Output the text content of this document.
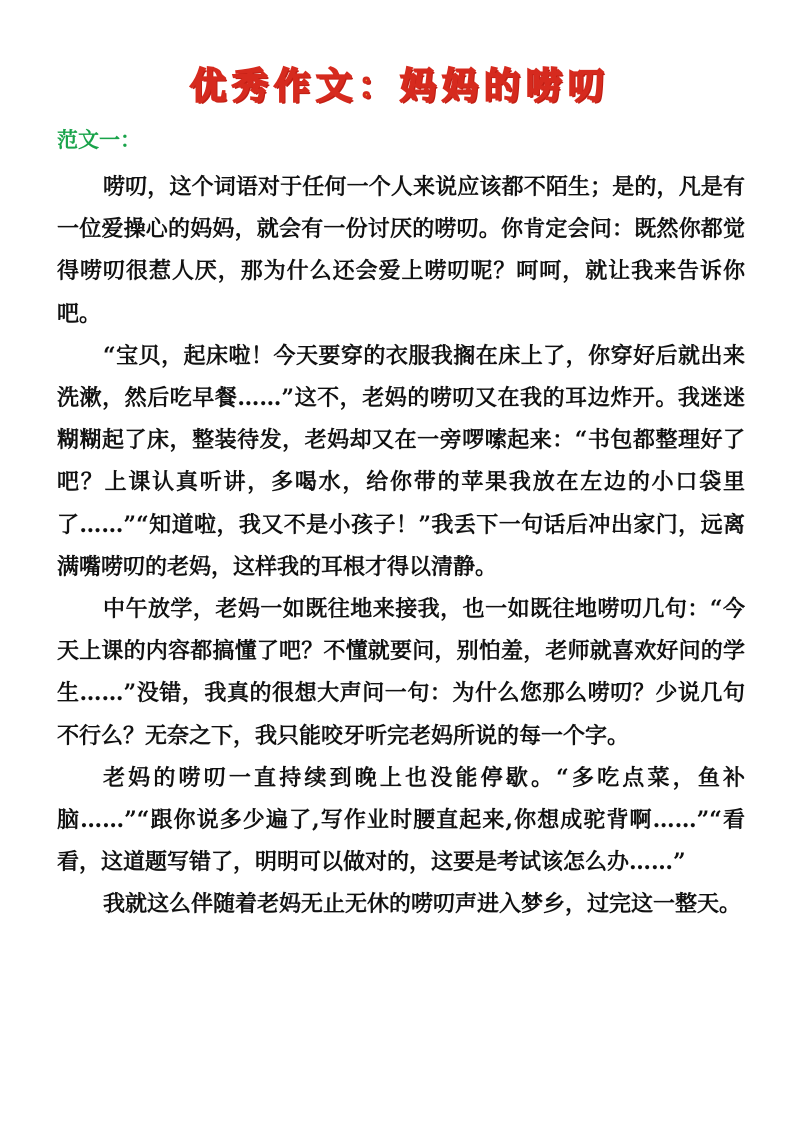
优秀作文：妈妈的唠叨
范文一：

唠叨，这个词语对于任何一个人来说应该都不陌生；是的，凡是有一位爱操心的妈妈，就会有一份讨厌的唠叨。你肯定会问：既然你都觉得唠叨很惹人厌，那为什么还会爱上唠叨呢？呵呵，就让我来告诉你吧。

“宝贝，起床啦！今天要穿的衣服我搁在床上了，你穿好后就出来洗漱，然后吃早餐……”这不，老妈的唠叨又在我的耳边炸开。我迷迷糊糊起了床，整装待发，老妈却又在一旁啰嗦起来：“书包都整理好了吧？上课认真听讲，多喝水，给你带的苹果我放在左边的小口袋里了……”“知道啦，我又不是小孩子！”我丢下一句话后冲出家门，远离满嘴唠叨的老妈，这样我的耳根才得以清静。

中午放学，老妈一如既往地来接我，也一如既往地唠叨几句：“今天上课的内容都搞懂了吧？不懂就要问，别怕羞，老师就喜欢好问的学生……”没错，我真的很想大声问一句：为什么您那么唠叨？少说几句不行么？无奈之下，我只能咬牙听完老妈所说的每一个字。

老妈的唠叨一直持续到晚上也没能停歇。“多吃点菜，鱼补脑……”“跟你说多少遍了,写作业时腰直起来,你想成驼背啊……”“看看，这道题写错了，明明可以做对的，这要是考试该怎么办……”

我就这么伴随着老妈无止无休的唠叨声进入梦乡，过完这一整天。
